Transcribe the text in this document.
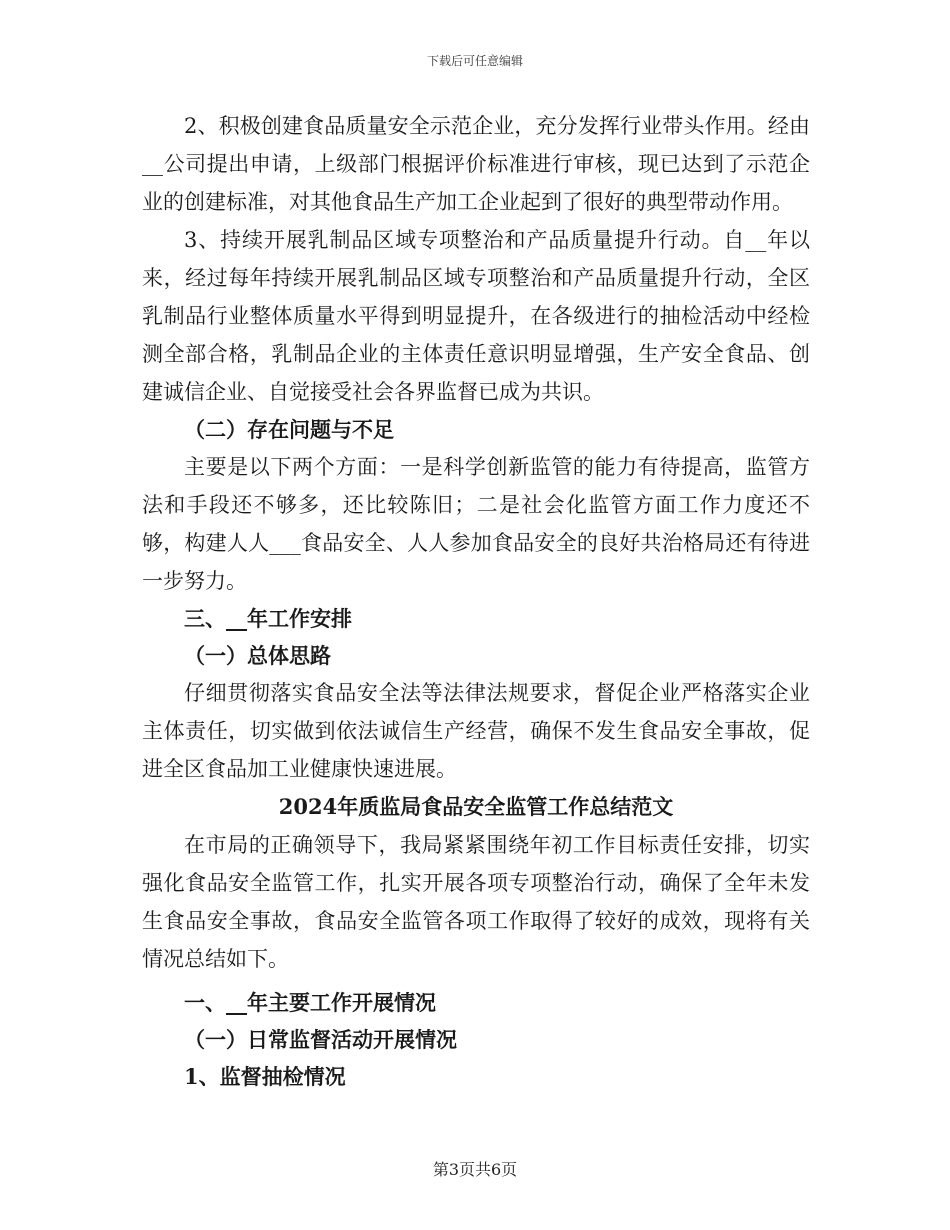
下载后可任意编辑

2、积极创建食品质量安全示范企业，充分发挥行业带头作用。经由__公司提出申请，上级部门根据评价标准进行审核，现已达到了示范企业的创建标准，对其他食品生产加工企业起到了很好的典型带动作用。

3、持续开展乳制品区域专项整治和产品质量提升行动。自__年以来，经过每年持续开展乳制品区域专项整治和产品质量提升行动，全区乳制品行业整体质量水平得到明显提升，在各级进行的抽检活动中经检测全部合格，乳制品企业的主体责任意识明显增强，生产安全食品、创建诚信企业、自觉接受社会各界监督已成为共识。

（二）存在问题与不足

主要是以下两个方面：一是科学创新监管的能力有待提高，监管方法和手段还不够多，还比较陈旧；二是社会化监管方面工作力度还不够，构建人人___食品安全、人人参加食品安全的良好共治格局还有待进一步努力。

三、__年工作安排

（一）总体思路

仔细贯彻落实食品安全法等法律法规要求，督促企业严格落实企业主体责任，切实做到依法诚信生产经营，确保不发生食品安全事故，促进全区食品加工业健康快速进展。

2024年质监局食品安全监管工作总结范文

在市局的正确领导下，我局紧紧围绕年初工作目标责任安排，切实强化食品安全监管工作，扎实开展各项专项整治行动，确保了全年未发生食品安全事故，食品安全监管各项工作取得了较好的成效，现将有关情况总结如下。

一、__年主要工作开展情况

（一）日常监督活动开展情况

1、监督抽检情况

第3页共6页
